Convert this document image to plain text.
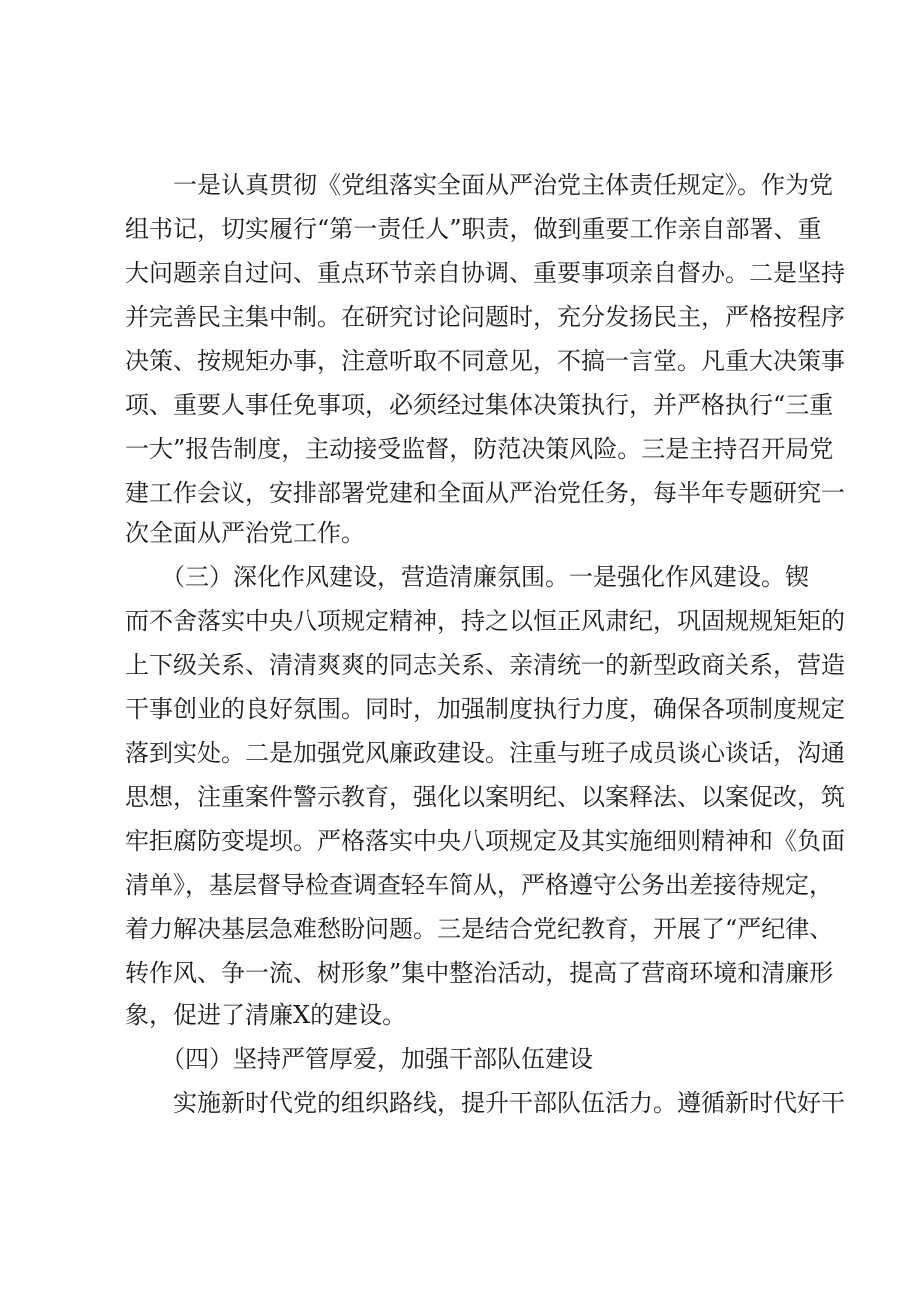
　　一是认真贯彻《党组落实全面从严治党主体责任规定》。作为党
组书记，切实履行“第一责任人”职责，做到重要工作亲自部署、重
大问题亲自过问、重点环节亲自协调、重要事项亲自督办。二是坚持
并完善民主集中制。在研究讨论问题时，充分发扬民主，严格按程序
决策、按规矩办事，注意听取不同意见，不搞一言堂。凡重大决策事
项、重要人事任免事项，必须经过集体决策执行，并严格执行“三重
一大”报告制度，主动接受监督，防范决策风险。三是主持召开局党
建工作会议，安排部署党建和全面从严治党任务，每半年专题研究一
次全面从严治党工作。
　　（三）深化作风建设，营造清廉氛围。一是强化作风建设。锲
而不舍落实中央八项规定精神，持之以恒正风肃纪，巩固规规矩矩的
上下级关系、清清爽爽的同志关系、亲清统一的新型政商关系，营造
干事创业的良好氛围。同时，加强制度执行力度，确保各项制度规定
落到实处。二是加强党风廉政建设。注重与班子成员谈心谈话，沟通
思想，注重案件警示教育，强化以案明纪、以案释法、以案促改，筑
牢拒腐防变堤坝。严格落实中央八项规定及其实施细则精神和《负面
清单》，基层督导检查调查轻车简从，严格遵守公务出差接待规定，
着力解决基层急难愁盼问题。三是结合党纪教育，开展了“严纪律、
转作风、争一流、树形象”集中整治活动，提高了营商环境和清廉形
象，促进了清廉X的建设。
　　（四）坚持严管厚爱，加强干部队伍建设
　　实施新时代党的组织路线，提升干部队伍活力。遵循新时代好干
